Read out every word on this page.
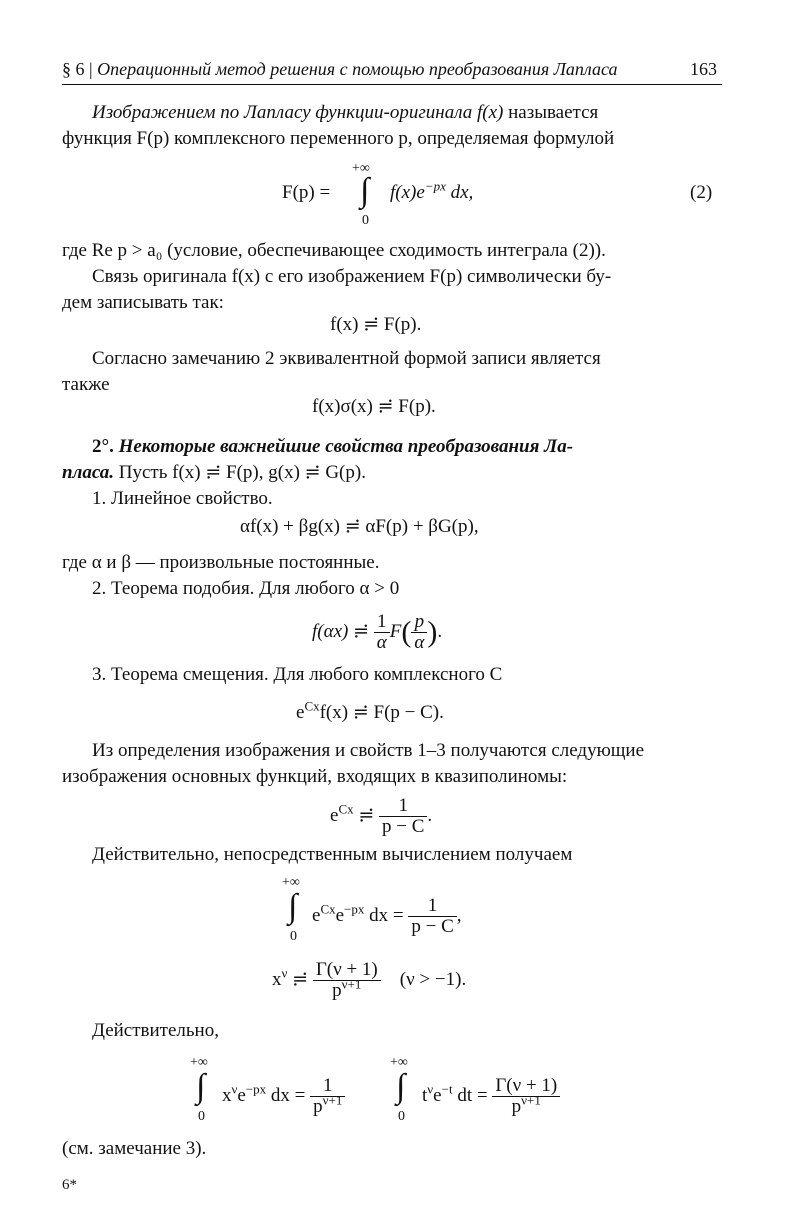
§ 6 | Операционный метод решения с помощью преобразования Лапласа	163
Изображением по Лапласу функции-оригинала f(x) называется
функция F(p) комплексного переменного p, определяемая формулой
F(p) =
+∞
∫
0
$f(x)e^{-px}$ dx,	(2)
где Re p > a₀ (условие, обеспечивающее сходимость интеграла (2)).
Связь оригинала f(x) с его изображением F(p) символически бу-
дем записывать так:
f(x) ≓ F(p).
Согласно замечанию 2 эквивалентной формой записи является
также
f(x)σ(x) ≓ F(p).
2°. Некоторые важнейшие свойства преобразования Ла-
пласа. Пусть f(x) ≓ F(p), g(x) ≓ G(p).
1. Линейное свойство.
αf(x) + βg(x) ≓ αF(p) + βG(p),
где α и β — произвольные постоянные.
2. Теорема подобия. Для любого α > 0
f(αx) ≓ $\frac{1}{\alpha} F( \frac{p}{\alpha}$ ).
3. Теорема смещения. Для любого комплексного C
$e^{Cx}f(x)$ ≓ F(p − C).
Из определения изображения и свойств 1–3 получаются следующие
изображения основных функций, входящих в квазиполиномы:
$e^{Cx}$ ≓ $\frac{1}{p - C}$ .
Действительно, непосредственным вычислением получаем
+∞
∫
0
$e^{Cx}e^{-px}$ dx = $\frac{1}{p - C}$ ,
$x^\nu$ ≓ $\frac{\Gamma(\nu + 1)}{p^{\nu+1}} (\nu > -1)$.
Действительно,
+∞
∫
0
$x^\nu e^{-px}$ dx = $\frac{1}{p^{\nu+1}}$
+∞
∫
0
$t^\nu e^{-t}$ dt = $\frac{\Gamma(\nu + 1)}{p^{\nu+1}}$
(см. замечание 3).
6*
